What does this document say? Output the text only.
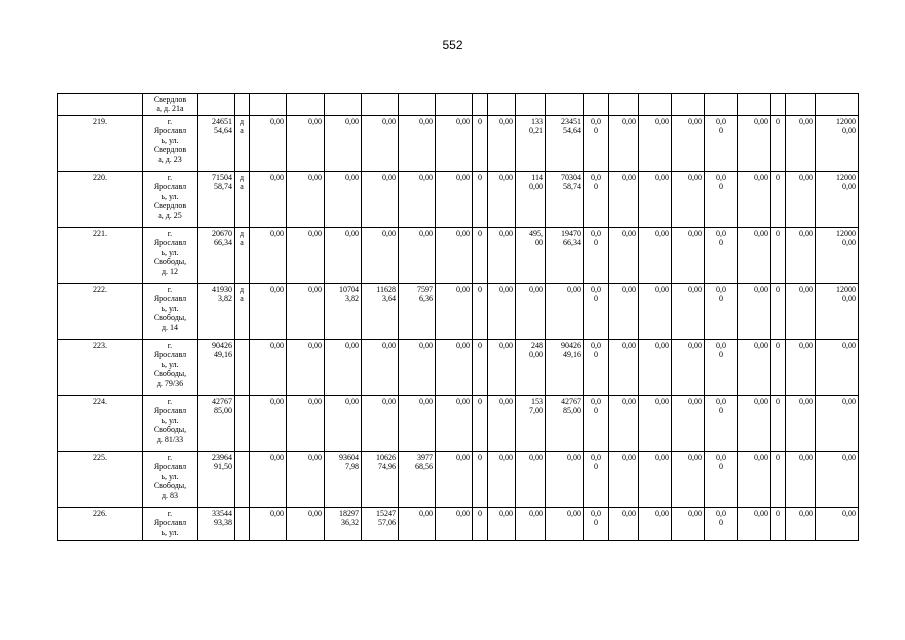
552
	Свердлов
а, д. 21а																					
219.	г.
Ярославл
ь, ул.
Свердлов
а, д. 23	24651
54,64	д
а	0,00	0,00	0,00	0,00	0,00	0,00	0	0,00	133
0,21	23451
54,64	0,0
0	0,00	0,00	0,00	0,0
0	0,00	0	0,00	12000
0,00
220.	г.
Ярославл
ь, ул.
Свердлов
а, д. 25	71504
58,74	д
а	0,00	0,00	0,00	0,00	0,00	0,00	0	0,00	114
0,00	70304
58,74	0,0
0	0,00	0,00	0,00	0,0
0	0,00	0	0,00	12000
0,00
221.	г.
Ярославл
ь, ул.
Свободы,
д. 12	20670
66,34	д
а	0,00	0,00	0,00	0,00	0,00	0,00	0	0,00	495,
00	19470
66,34	0,0
0	0,00	0,00	0,00	0,0
0	0,00	0	0,00	12000
0,00
222.	г.
Ярославл
ь, ул.
Свободы,
д. 14	41930
3,82	д
а	0,00	0,00	10704
3,82	11628
3,64	7597
6,36	0,00	0	0,00	0,00	0,00	0,0
0	0,00	0,00	0,00	0,0
0	0,00	0	0,00	12000
0,00
223.	г.
Ярославл
ь, ул.
Свободы,
д. 79/36	90426
49,16		0,00	0,00	0,00	0,00	0,00	0,00	0	0,00	248
0,00	90426
49,16	0,0
0	0,00	0,00	0,00	0,0
0	0,00	0	0,00	0,00
224.	г.
Ярославл
ь, ул.
Свободы,
д. 81/33	42767
85,00		0,00	0,00	0,00	0,00	0,00	0,00	0	0,00	153
7,00	42767
85,00	0,0
0	0,00	0,00	0,00	0,0
0	0,00	0	0,00	0,00
225.	г.
Ярославл
ь, ул.
Свободы,
д. 83	23964
91,50		0,00	0,00	93604
7,98	10626
74,96	3977
68,56	0,00	0	0,00	0,00	0,00	0,0
0	0,00	0,00	0,00	0,0
0	0,00	0	0,00	0,00
226.	г.
Ярославл
ь, ул.	33544
93,38		0,00	0,00	18297
36,32	15247
57,06	0,00	0,00	0	0,00	0,00	0,00	0,0
0	0,00	0,00	0,00	0,0
0	0,00	0	0,00	0,00
